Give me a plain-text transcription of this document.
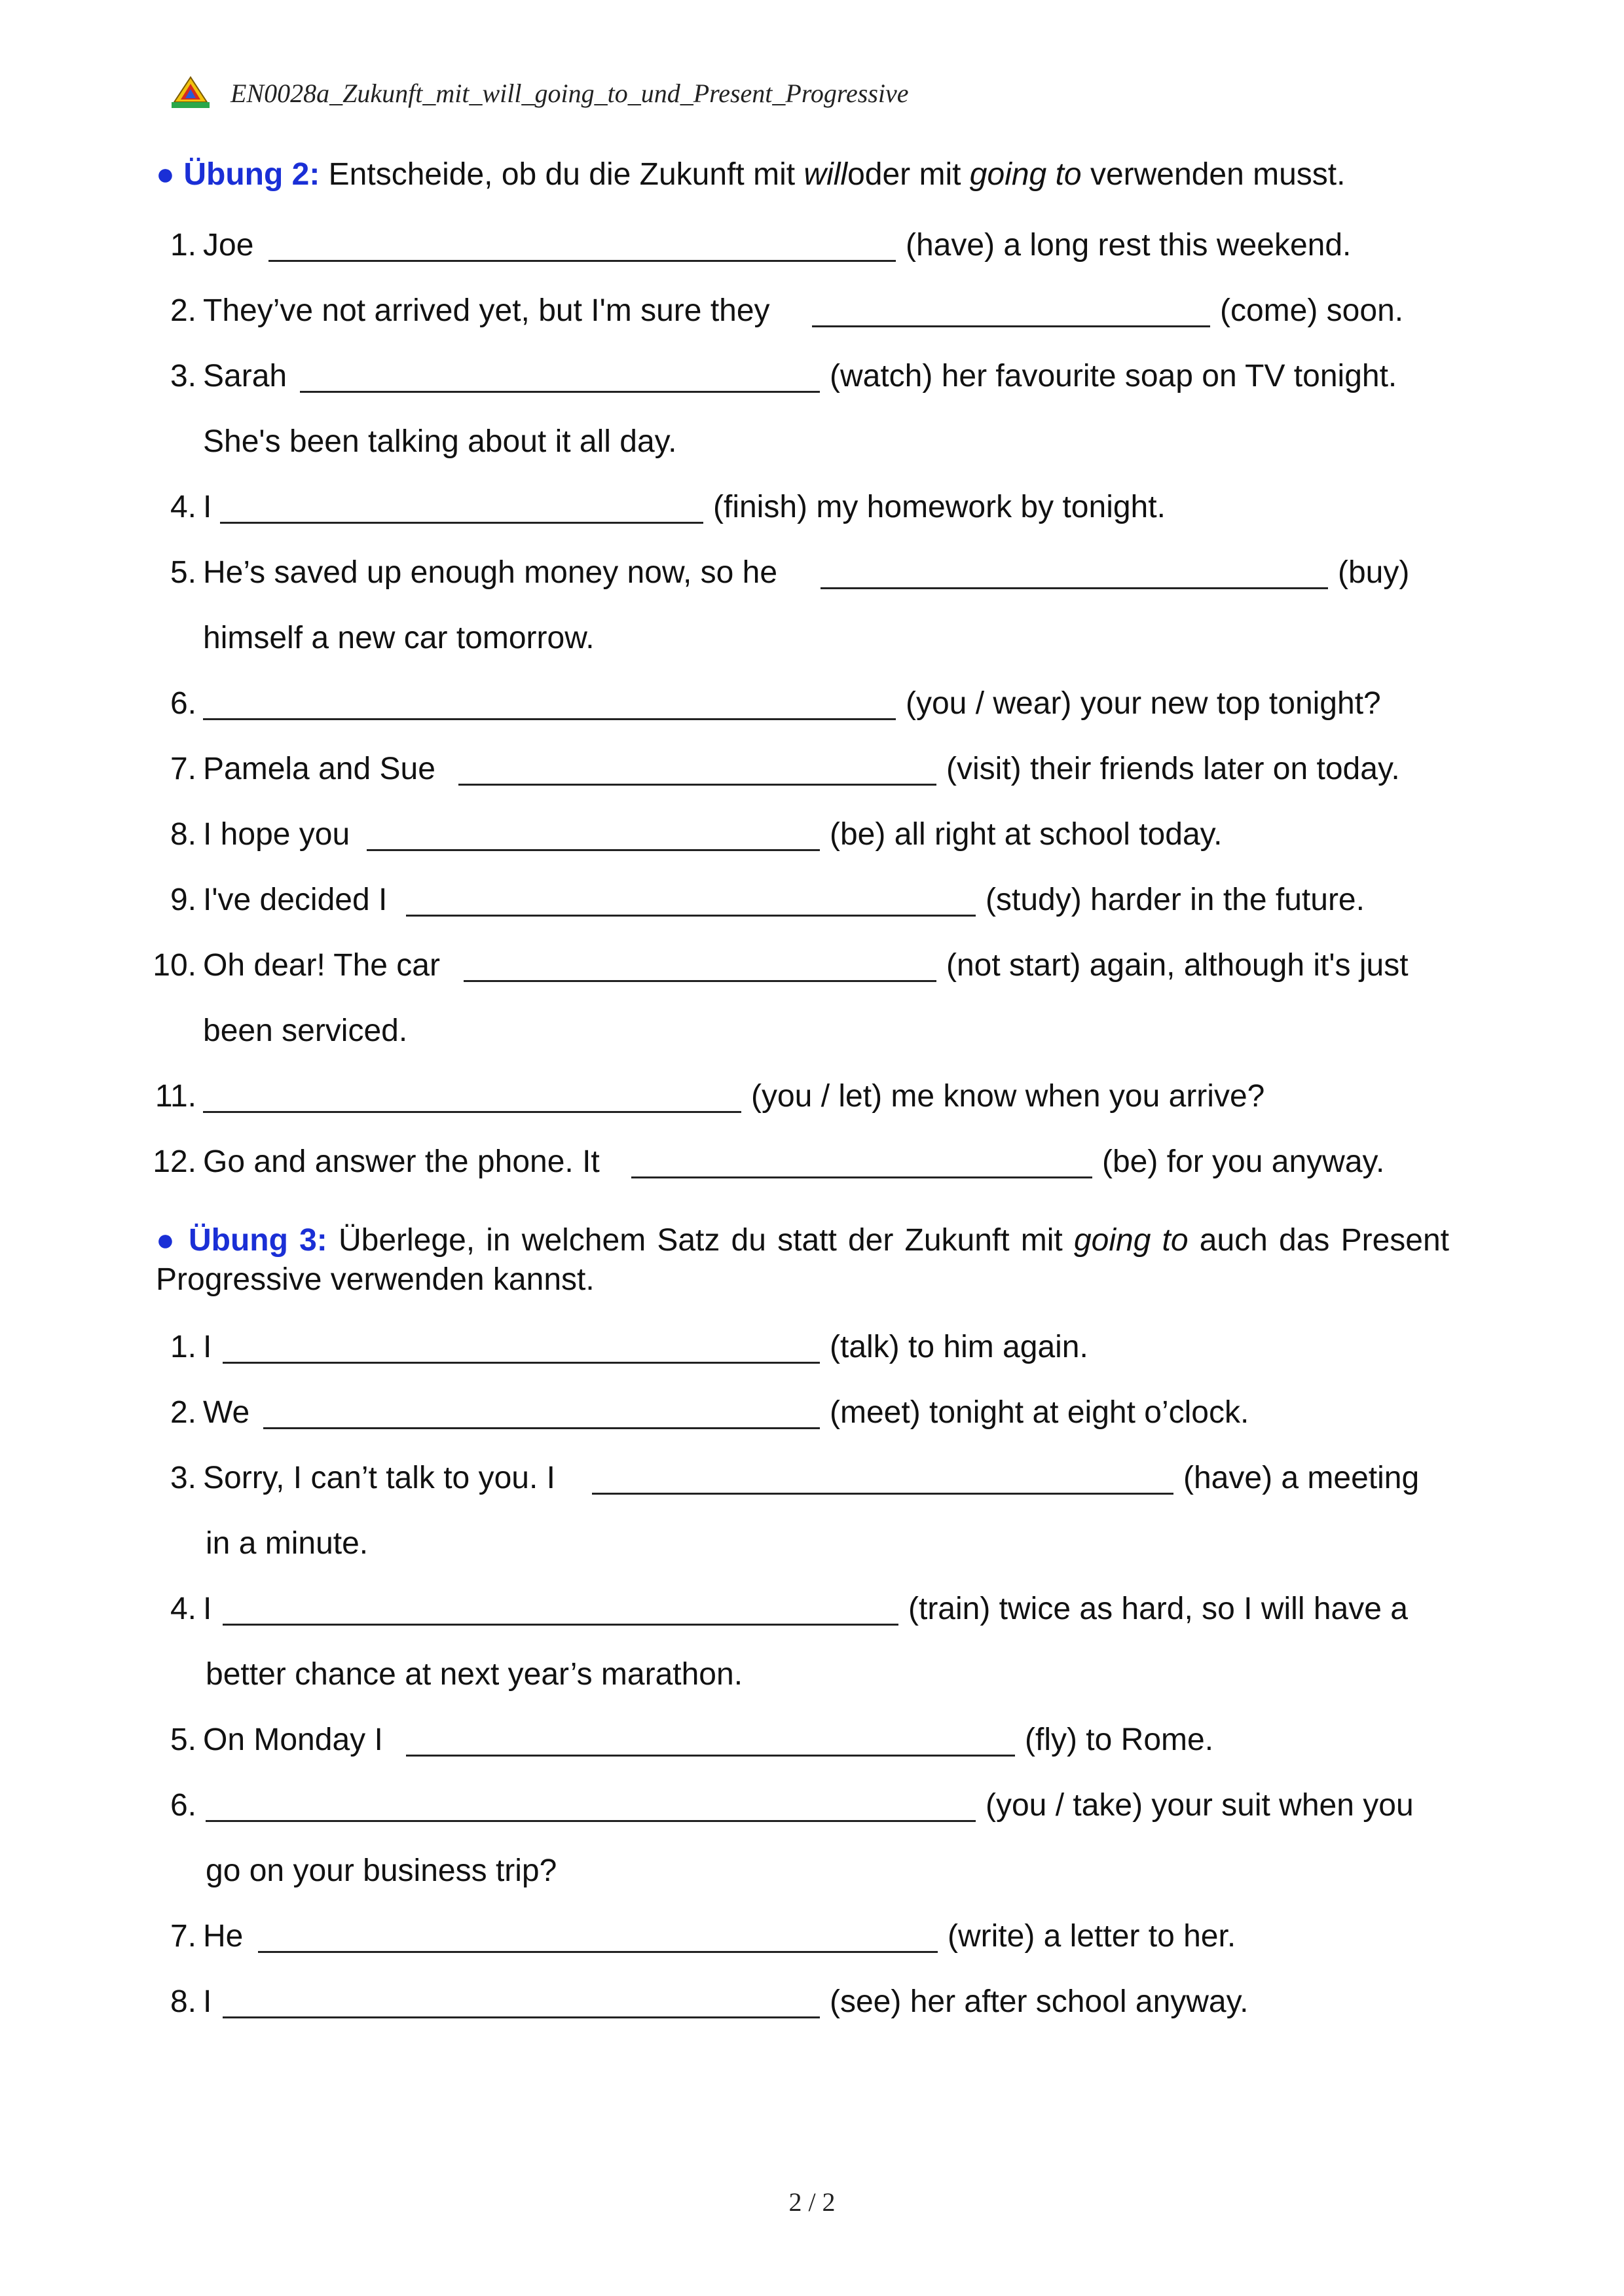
EN0028a_Zukunft_mit_will_going_to_und_Present_Progressive
● Übung 2: Entscheide, ob du die Zukunft mit willoder mit going to verwenden musst.
1. Joe	(have) a long rest this weekend.
2. They’ve not arrived yet, but I'm sure they	(come) soon.
3. Sarah	(watch) her favourite soap on TV tonight.
She's been talking about it all day.
4. I	(finish) my homework by tonight.
5. He’s saved up enough money now, so he	(buy)
himself a new car tomorrow.
6.	(you / wear) your new top tonight?
7. Pamela and Sue	(visit) their friends later on today.
8. I hope you	(be) all right at school today.
9. I've decided I	(study) harder in the future.
10. Oh dear! The car	(not start) again, although it's just
been serviced.
11.	(you / let) me know when you arrive?
12. Go and answer the phone. It	(be) for you anyway.
● Übung 3: Überlege, in welchem Satz du statt der Zukunft mit going to auch das Present Progressive verwenden kannst.
1. I	(talk) to him again.
2. We	(meet) tonight at eight o’clock.
3. Sorry, I can’t talk to you. I	(have) a meeting
in a minute.
4. I	(train) twice as hard, so I will have a
better chance at next year’s marathon.
5. On Monday I	(fly) to Rome.
6.	(you / take) your suit when you
go on your business trip?
7. He	(write) a letter to her.
8. I	(see) her after school anyway.
2 / 2
